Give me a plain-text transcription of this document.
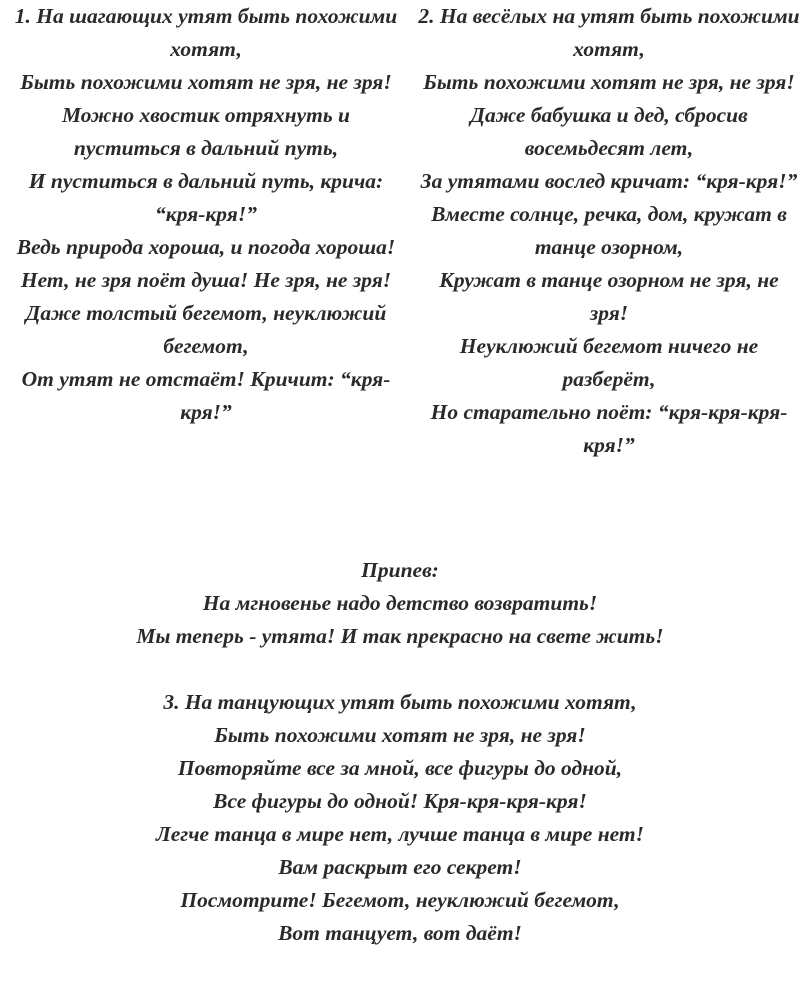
1. На шагающих утят быть похожими хотят,
Быть похожими хотят не зря, не зря!
Можно хвостик отряхнуть и пуститься в дальний путь,
И пуститься в дальний путь, крича: “кря-кря!”
Ведь природа хороша, и погода хороша!
Нет, не зря поёт душа! Не зря, не зря!
Даже толстый бегемот, неуклюжий бегемот,
От утят не отстаёт! Кричит: “кря-кря!”
2. На весёлых на утят быть похожими хотят,
Быть похожими хотят не зря, не зря!
Даже бабушка и дед, сбросив восемьдесят лет,
За утятами вослед кричат: “кря-кря!”
Вместе солнце, речка, дом, кружат в танце озорном,
Кружат в танце озорном не зря, не зря!
Неуклюжий бегемот ничего не разберёт,
Но старательно поёт: “кря-кря-кря-кря!”
Припев:
На мгновенье надо детство возвратить!
Мы теперь - утята! И так прекрасно на свете жить!
3. На танцующих утят быть похожими хотят,
Быть похожими хотят не зря, не зря!
Повторяйте все за мной, все фигуры до одной,
Все фигуры до одной! Кря-кря-кря-кря!
Легче танца в мире нет, лучше танца в мире нет!
Вам раскрыт его секрет!
Посмотрите! Бегемот, неуклюжий бегемот,
Вот танцует, вот даёт!
